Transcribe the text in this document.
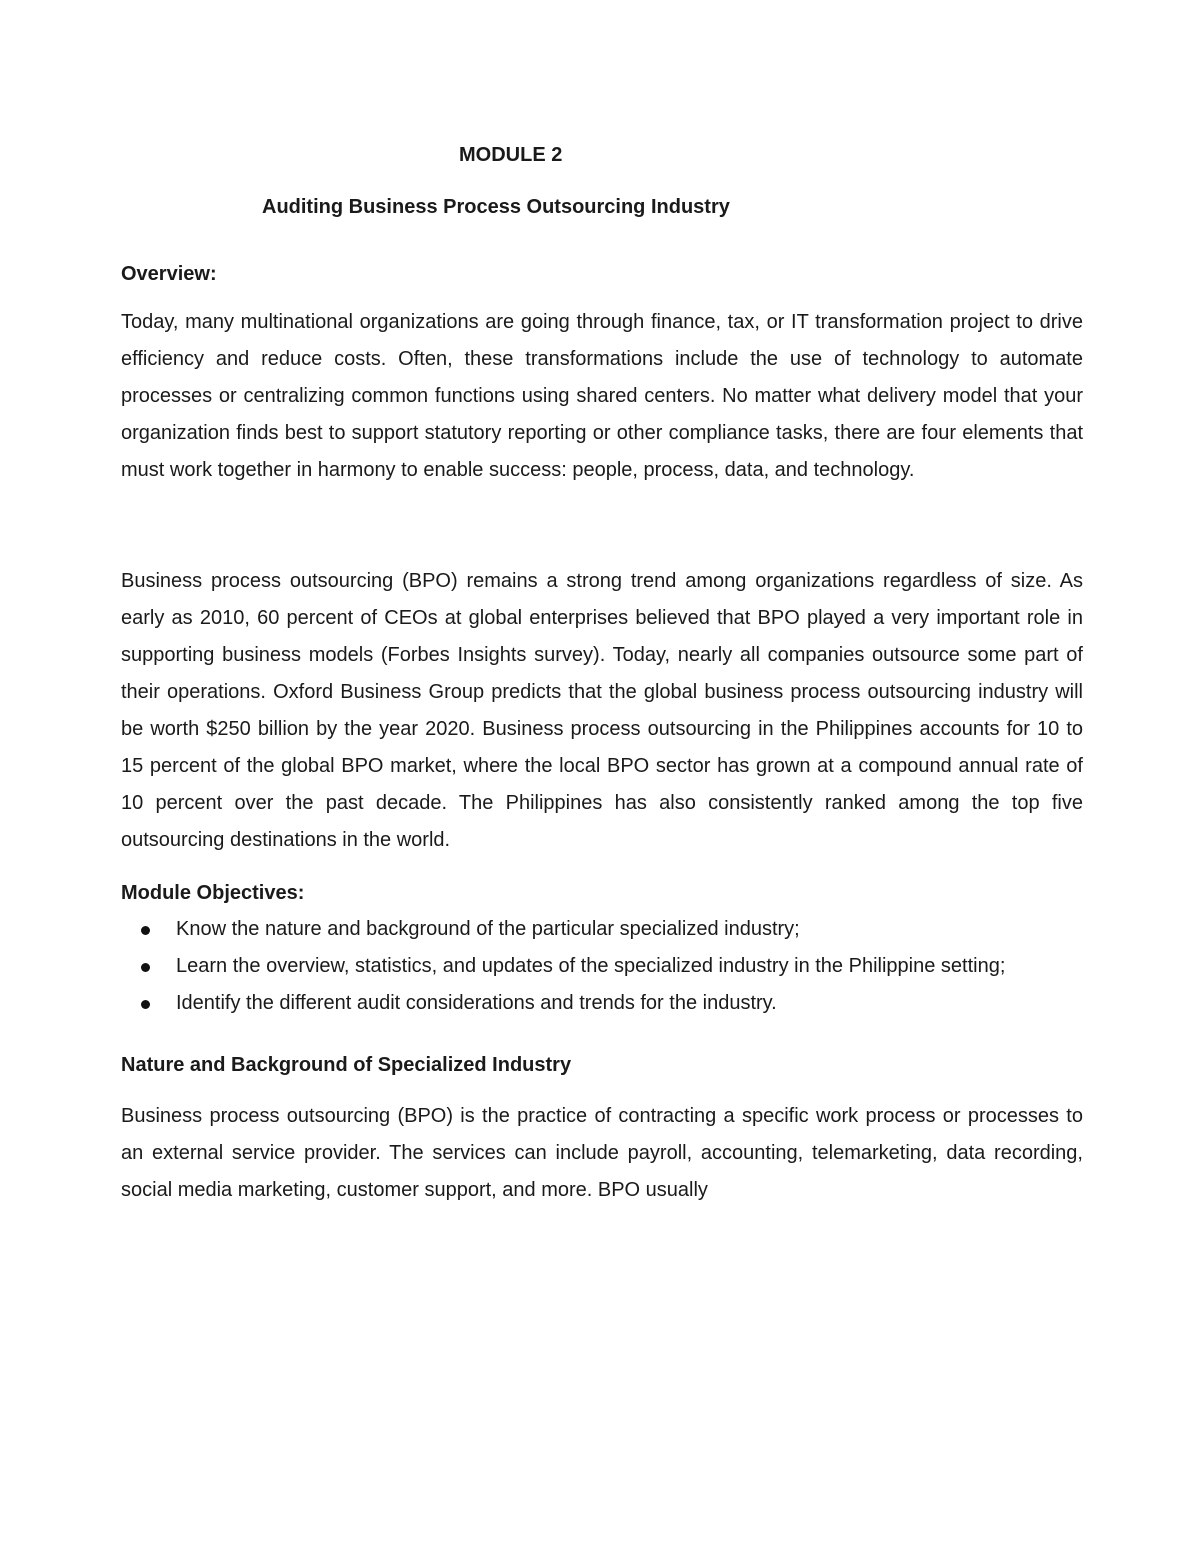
MODULE 2
Auditing Business Process Outsourcing Industry
Overview:

Today, many multinational organizations are going through finance, tax, or IT transformation project to drive efficiency and reduce costs. Often, these transformations include the use of technology to automate processes or centralizing common functions using shared centers. No matter what delivery model that your organization finds best to support statutory reporting or other compliance tasks, there are four elements that must work together in harmony to enable success: people, process, data, and technology.

Business process outsourcing (BPO) remains a strong trend among organizations regardless of size. As early as 2010, 60 percent of CEOs at global enterprises believed that BPO played a very important role in supporting business models (Forbes Insights survey). Today, nearly all companies outsource some part of their operations. Oxford Business Group predicts that the global business process outsourcing industry will be worth $250 billion by the year 2020. Business process outsourcing in the Philippines accounts for 10 to 15 percent of the global BPO market, where the local BPO sector has grown at a compound annual rate of 10 percent over the past decade. The Philippines has also consistently ranked among the top five outsourcing destinations in the world.

Module Objectives:
Know the nature and background of the particular specialized industry;
Learn the overview, statistics, and updates of the specialized industry in the Philippine setting;
Identify the different audit considerations and trends for the industry.
Nature and Background of Specialized Industry

Business process outsourcing (BPO) is the practice of contracting a specific work process or processes to an external service provider. The services can include payroll, accounting, telemarketing, data recording, social media marketing, customer support, and more. BPO usually
